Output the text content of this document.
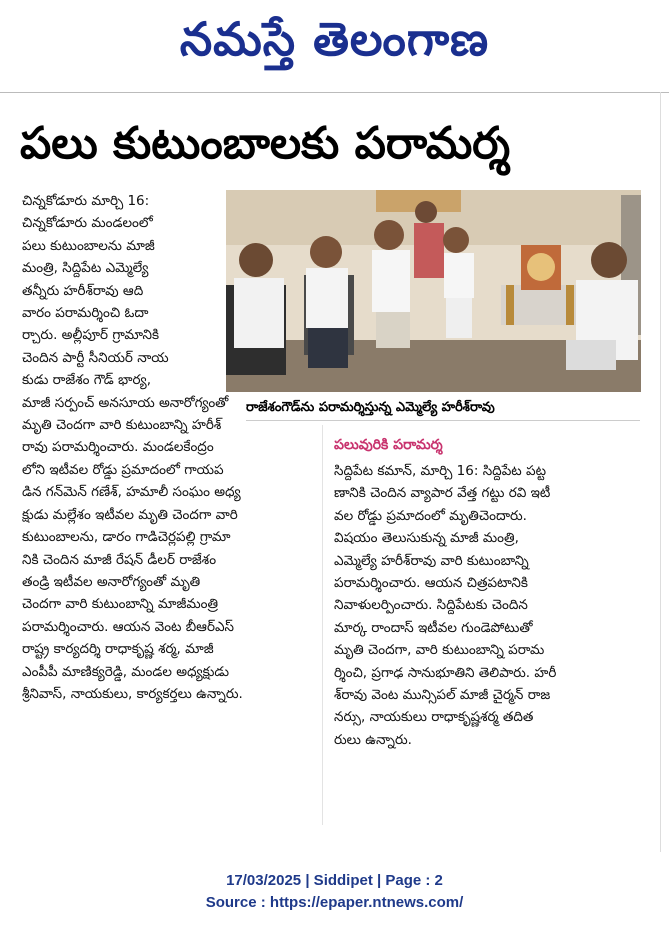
నమస్తే తెలంగాణ
పలు కుటుంబాలకు పరామర్శ

చిన్నకోడూరు మార్చి 16:

చిన్నకోడూరు మండలంలో

పలు కుటుంబాలను మాజీ

మంత్రి, సిద్దిపేట ఎమ్మెల్యే

తన్నీరు హరీశ్‌రావు ఆది

వారం పరామర్శించి ఓదా

ర్చారు. అల్లీపూర్ గ్రామానికి

చెందిన పార్టీ సీనియర్ నాయ

కుడు రాజేశం గౌడ్ భార్య,

మాజీ సర్పంచ్ అనసూయ అనారోగ్యంతో

మృతి చెందగా వారి కుటుంబాన్ని హరీశ్

రావు పరామర్శించారు. మండలకేంద్రం

లోని ఇటీవల రోడ్డు ప్రమాదంలో గాయప

డిన గన్‌మెన్ గణేశ్, హమాలీ సంఘం అధ్య

క్షుడు మల్లేశం ఇటీవల మృతి చెందగా వారి

కుటుంబాలను, డారం గాడిచెర్లపల్లి గ్రామా

నికి చెందిన మాజీ రేషన్ డీలర్ రాజేశం

తండ్రి ఇటీవల అనారోగ్యంతో మృతి

చెందగా వారి కుటుంబాన్ని మాజీమంత్రి

పరామర్శించారు. ఆయన వెంట బీఆర్‌ఎస్

రాష్ట్ర కార్యదర్శి రాధాకృష్ణ శర్మ, మాజీ

ఎంపీపీ మాణిక్యరెడ్డి, మండల అధ్యక్షుడు

శ్రీనివాస్, నాయకులు, కార్యకర్తలు ఉన్నారు.

రాజేశంగౌడ్‌ను పరామర్శిస్తున్న ఎమ్మెల్యే హరీశ్‌రావు
పలువురికి పరామర్శ

సిద్దిపేట కమాన్, మార్చి 16: సిద్దిపేట పట్ట

ణానికి చెందిన వ్యాపార వేత్త గట్టు రవి ఇటీ

వల రోడ్డు ప్రమాదంలో మృతిచెందారు.

విషయం తెలుసుకున్న మాజీ మంత్రి,

ఎమ్మెల్యే హరీశ్‌రావు వారి కుటుంబాన్ని

పరామర్శించారు. ఆయన చిత్రపటానికి

నివాళులర్పించారు. సిద్దిపేటకు చెందిన

మార్క రాందాస్ ఇటీవల గుండెపోటుతో

మృతి చెందగా, వారి కుటుంబాన్ని పరామ

ర్శించి, ప్రగాఢ సానుభూతిని తెలిపారు. హరీ

శ్‌రావు వెంట మున్సిపల్ మాజీ చైర్మన్ రాజ

నర్సు, నాయకులు రాధాకృష్ణశర్మ తదిత

రులు ఉన్నారు.

17/03/2025 | Siddipet | Page : 2
Source : https://epaper.ntnews.com/
